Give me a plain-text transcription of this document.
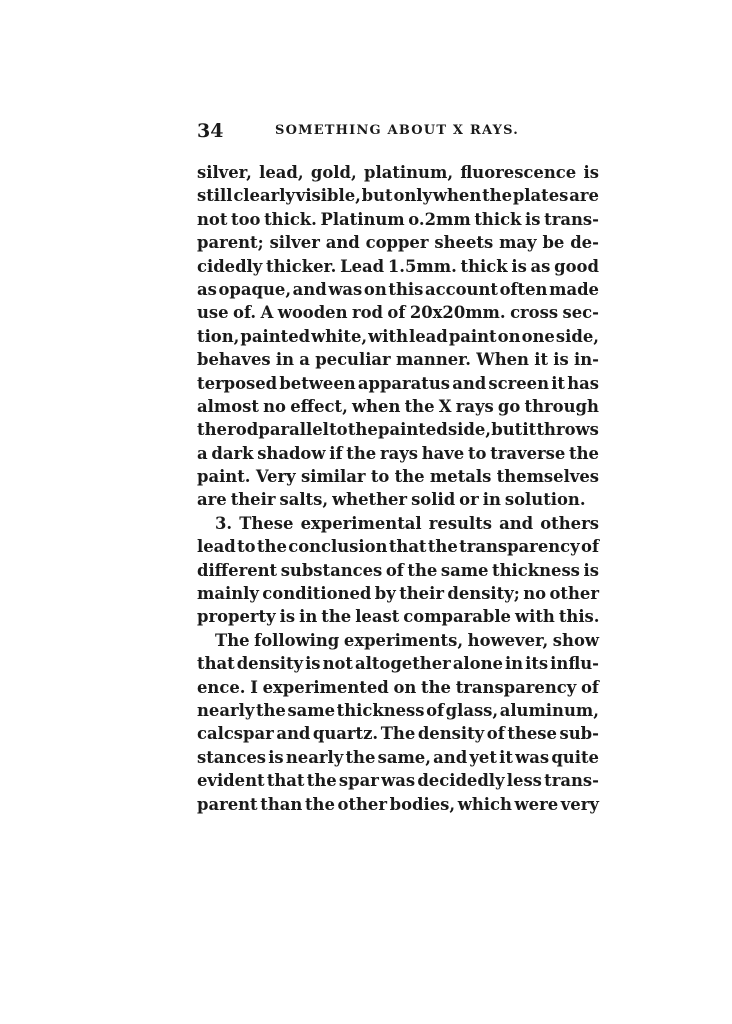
34	SOMETHING ABOUT X RAYS.
silver, lead, gold, platinum, fluorescence is
still clearly visible, but only when the plates are
not too thick. Platinum o.2mm thick is trans-
parent; silver and copper sheets may be de-
cidedly thicker. Lead 1.5mm. thick is as good
as opaque, and was on this account often made
use of. A wooden rod of 20x20mm. cross sec-
tion, painted white, with lead paint on one side,
behaves in a peculiar manner. When it is in-
terposed between apparatus and screen it has
almost no effect, when the X rays go through
the rod parallel to the painted side, but it throws
a dark shadow if the rays have to traverse the
paint. Very similar to the metals themselves
are their salts, whether solid or in solution.
3. These experimental results and others
lead to the conclusion that the transparency of
different substances of the same thickness is
mainly conditioned by their density; no other
property is in the least comparable with this.
The following experiments, however, show
that density is not altogether alone in its influ-
ence. I experimented on the transparency of
nearly the same thickness of glass, aluminum,
calcspar and quartz. The density of these sub-
stances is nearly the same, and yet it was quite
evident that the spar was decidedly less trans-
parent than the other bodies, which were very
